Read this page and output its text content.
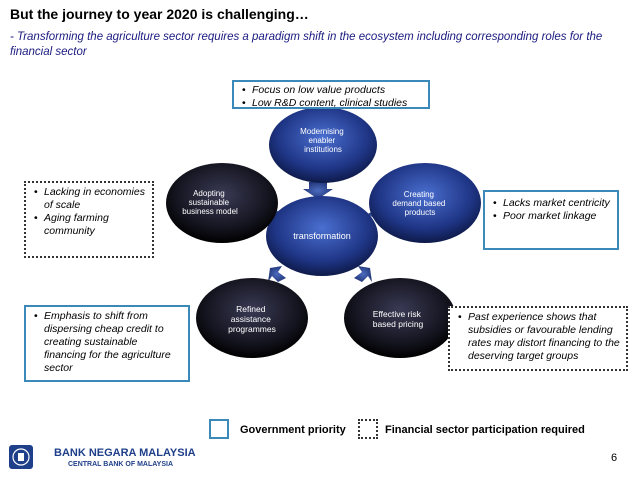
But the journey to year 2020 is challenging…
- Transforming the agriculture sector requires a paradigm shift in the ecosystem including corresponding roles for the financial sector
transformation
Modernising enabler institutions
Creating demand based products
Adopting sustainable business model
Refined assistance programmes
Effective risk based pricing
• Focus on low value products
• Low R&D content, clinical studies
• Lacking in economies of scale
• Aging farming community
• Lacks market centricity
• Poor market linkage
• Emphasis to shift from dispersing cheap credit to creating sustainable financing for the agriculture sector
• Past experience shows that subsidies or favourable lending rates may distort financing to the deserving target groups
Government priority	Financial sector participation required
BANK NEGARA MALAYSIA
CENTRAL BANK OF MALAYSIA
6
